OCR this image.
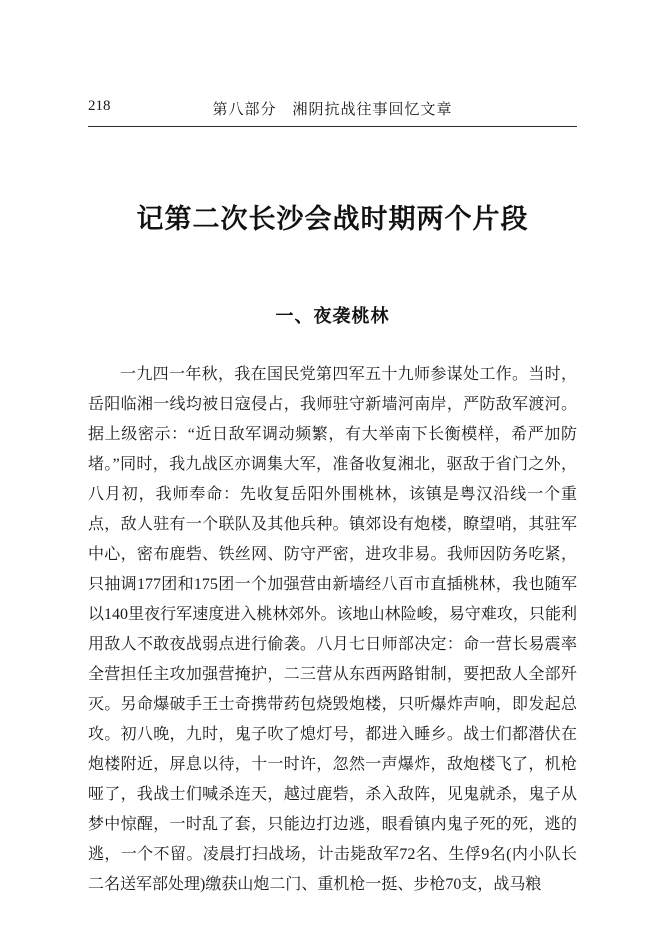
218	第八部分　湘阴抗战往事回忆文章
记第二次长沙会战时期两个片段
一、夜袭桃林

一九四一年秋，我在国民党第四军五十九师参谋处工作。当时，岳阳临湘一线均被日寇侵占，我师驻守新墙河南岸，严防敌军渡河。据上级密示：“近日敌军调动频繁，有大举南下长衡模样，希严加防堵。”同时，我九战区亦调集大军，准备收复湘北，驱敌于省门之外，八月初，我师奉命：先收复岳阳外围桃林，该镇是粤汉沿线一个重点，敌人驻有一个联队及其他兵种。镇郊设有炮楼，瞭望哨，其驻军中心，密布鹿砦、铁丝网、防守严密，进攻非易。我师因防务吃紧，只抽调177团和175团一个加强营由新墙经八百市直插桃林，我也随军以140里夜行军速度进入桃林郊外。该地山林险峻，易守难攻，只能利用敌人不敢夜战弱点进行偷袭。八月七日师部决定：命一营长易震率全营担任主攻加强营掩护，二三营从东西两路钳制，要把敌人全部歼灭。另命爆破手王士奇携带药包烧毁炮楼，只听爆炸声响，即发起总攻。初八晚，九时，鬼子吹了熄灯号，都进入睡乡。战士们都潜伏在炮楼附近，屏息以待，十一时许，忽然一声爆炸，敌炮楼飞了，机枪哑了，我战士们喊杀连天，越过鹿砦，杀入敌阵，见鬼就杀，鬼子从梦中惊醒，一时乱了套，只能边打边逃，眼看镇内鬼子死的死，逃的逃，一个不留。凌晨打扫战场，计击毙敌军72名、生俘9名(内小队长二名送军部处理)缴获山炮二门、重机枪一挺、步枪70支，战马粮
